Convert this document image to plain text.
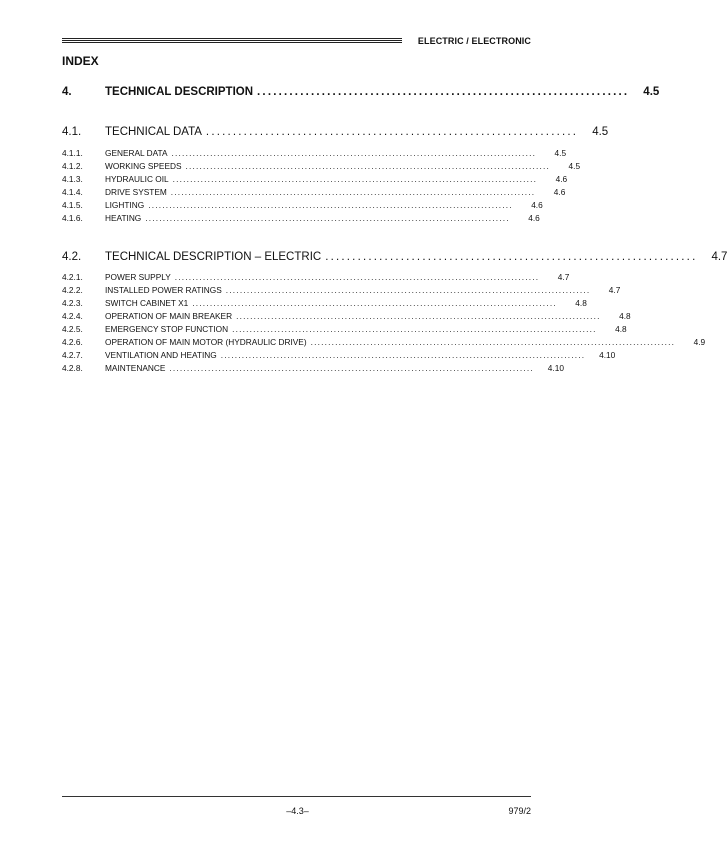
ELECTRIC / ELECTRONIC
INDEX
4.	TECHNICAL DESCRIPTION .....................................................................	4.5
4.1.	TECHNICAL DATA .....................................................................	4.5
4.1.1.	GENERAL DATA ........................................................................................................	4.5
4.1.2.	WORKING SPEEDS ........................................................................................................	4.5
4.1.3.	HYDRAULIC OIL ........................................................................................................	4.6
4.1.4.	DRIVE SYSTEM ........................................................................................................	4.6
4.1.5.	LIGHTING ........................................................................................................	4.6
4.1.6.	HEATING ........................................................................................................	4.6
4.2.	TECHNICAL DESCRIPTION – ELECTRIC .....................................................................	4.7
4.2.1.	POWER SUPPLY ........................................................................................................	4.7
4.2.2.	INSTALLED POWER RATINGS ........................................................................................................	4.7
4.2.3.	SWITCH CABINET X1 ........................................................................................................	4.8
4.2.4.	OPERATION OF MAIN BREAKER ........................................................................................................	4.8
4.2.5.	EMERGENCY STOP FUNCTION ........................................................................................................	4.8
4.2.6.	OPERATION OF MAIN MOTOR (HYDRAULIC DRIVE) ........................................................................................................	4.9
4.2.7.	VENTILATION AND HEATING ........................................................................................................	4.10
4.2.8.	MAINTENANCE ........................................................................................................	4.10
–4.3–	979/2
